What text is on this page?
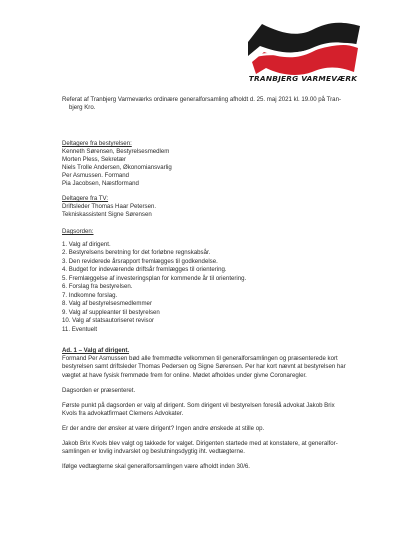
TRANBJERG VARMEVÆRK
Referat af Tranbjerg Varmeværks ordinære generalforsamling afholdt d. 25. maj 2021 kl. 19.00 på Tran-
bjerg Kro.
Deltagere fra bestyrelsen:
Kenneth Sørensen, Bestyrelsesmedlem
Morten Pless, Sekretær
Niels Trolle Andersen, Økonomiansvarlig
Per Asmussen. Formand
Pia Jacobsen, Næstformand
Deltagere fra TV:
Driftsleder Thomas Haar Petersen.
Tekniskassistent Signe Sørensen
Dagsorden:
1. Valg af dirigent.
2. Bestyrelsens beretning for det forløbne regnskabsår.
3. Den reviderede årsrapport fremlægges til godkendelse.
4. Budget for indeværende driftsår fremlægges til orientering.
5. Fremlæggelse af investeringsplan for kommende år til orientering.
6. Forslag fra bestyrelsen.
7. Indkomne forslag.
8. Valg af bestyrelsesmedlemmer
9. Valg af suppleanter til bestyrelsen
10. Valg af statsautoriseret revisor
11. Eventuelt
Ad. 1 – Valg af dirigent.
Formand Per Asmussen bød alle fremmødte velkommen til generalforsamlingen og præsenterede kort
bestyrelsen samt driftsleder Thomas Pedersen og Signe Sørensen. Per har kort nævnt at bestyrelsen har
vægtet at have fysisk fremmøde frem for online. Mødet afholdes under givne Coronaregler.
Dagsorden er præsenteret.
Første punkt på dagsorden er valg af dirigent. Som dirigent vil bestyrelsen foreslå advokat Jakob Brix
Kvols fra advokatfirmaet Clemens Advokater.
Er der andre der ønsker at være dirigent? Ingen andre ønskede at stille op.
Jakob Brix Kvols blev valgt og takkede for valget. Dirigenten startede med at konstatere, at generalfor-
samlingen er lovlig indvarslet og beslutningsdygtig iht. vedtægterne.
Ifølge vedtægterne skal generalforsamlingen være afholdt inden 30/6.
